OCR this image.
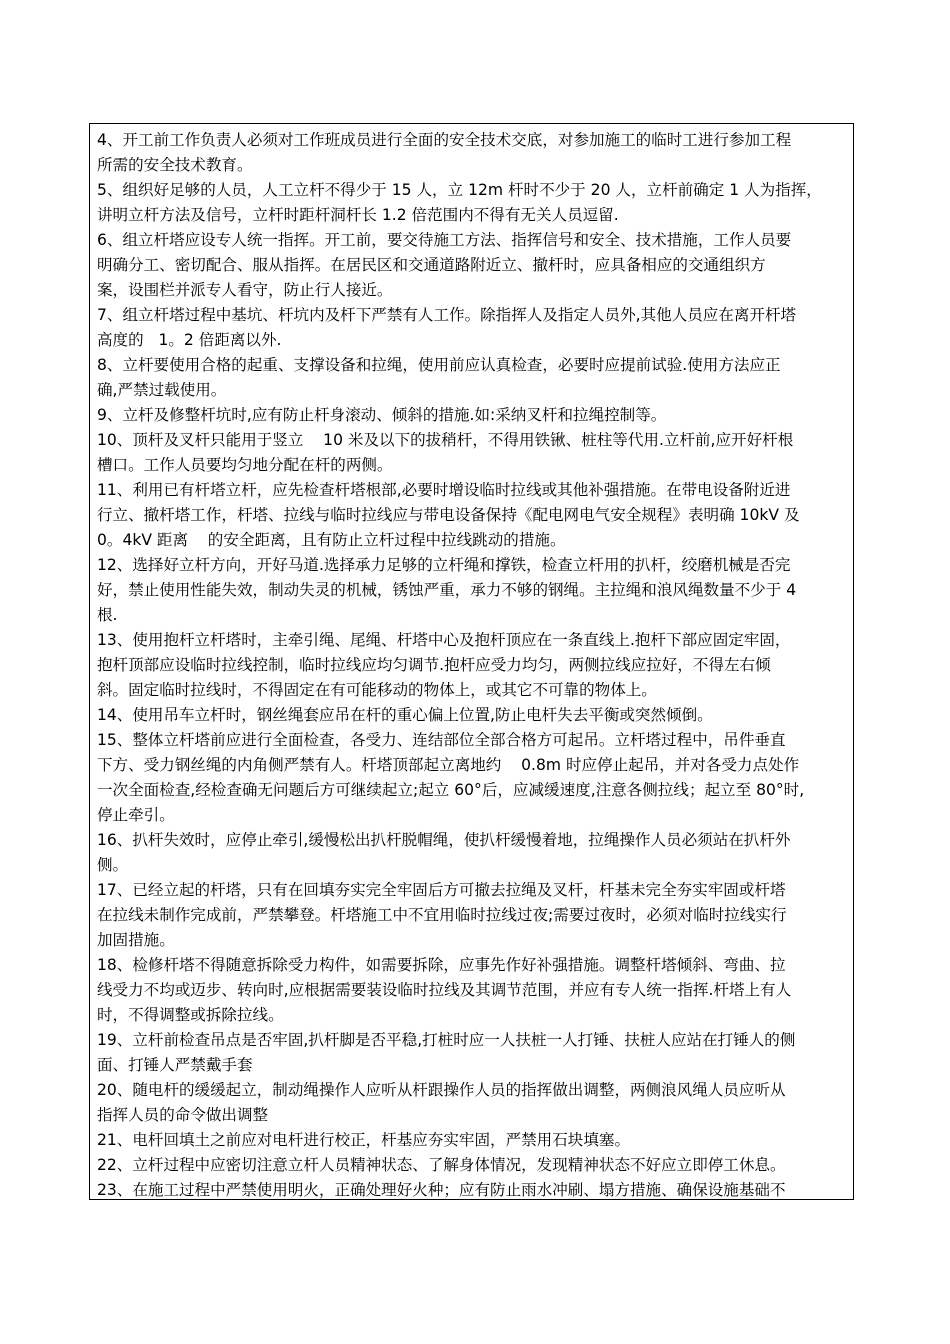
4、开工前工作负责人必须对工作班成员进行全面的安全技术交底，对参加施工的临时工进行参加工程
所需的安全技术教育。
5、组织好足够的人员，人工立杆不得少于 15 人，立 12m 杆时不少于 20 人，立杆前确定 1 人为指挥，
讲明立杆方法及信号，立杆时距杆洞杆长 1.2 倍范围内不得有无关人员逗留.
6、组立杆塔应设专人统一指挥。开工前，要交待施工方法、指挥信号和安全、技术措施，工作人员要
明确分工、密切配合、服从指挥。在居民区和交通道路附近立、撤杆时，应具备相应的交通组织方
案，设围栏并派专人看守，防止行人接近。
7、组立杆塔过程中基坑、杆坑内及杆下严禁有人工作。除指挥人及指定人员外,其他人员应在离开杆塔
高度的   1。2 倍距离以外.
8、立杆要使用合格的起重、支撑设备和拉绳，使用前应认真检查，必要时应提前试验.使用方法应正
确,严禁过载使用。
9、立杆及修整杆坑时,应有防止杆身滚动、倾斜的措施.如:采纳叉杆和拉绳控制等。
10、顶杆及叉杆只能用于竖立    10 米及以下的拔稍杆，不得用铁锹、桩柱等代用.立杆前,应开好杆根
槽口。工作人员要均匀地分配在杆的两侧。
11、利用已有杆塔立杆，应先检查杆塔根部,必要时增设临时拉线或其他补强措施。在带电设备附近进
行立、撤杆塔工作，杆塔、拉线与临时拉线应与带电设备保持《配电网电气安全规程》表明确 10kV 及
0。4kV 距离    的安全距离，且有防止立杆过程中拉线跳动的措施。
12、选择好立杆方向，开好马道.选择承力足够的立杆绳和撑铁，检查立杆用的扒杆，绞磨机械是否完
好，禁止使用性能失效，制动失灵的机械，锈蚀严重，承力不够的钢绳。主拉绳和浪风绳数量不少于 4
根.
13、使用抱杆立杆塔时，主牵引绳、尾绳、杆塔中心及抱杆顶应在一条直线上.抱杆下部应固定牢固，
抱杆顶部应设临时拉线控制，临时拉线应均匀调节.抱杆应受力均匀，两侧拉线应拉好，不得左右倾
斜。固定临时拉线时，不得固定在有可能移动的物体上，或其它不可靠的物体上。
14、使用吊车立杆时，钢丝绳套应吊在杆的重心偏上位置,防止电杆失去平衡或突然倾倒。
15、整体立杆塔前应进行全面检查，各受力、连结部位全部合格方可起吊。立杆塔过程中，吊件垂直
下方、受力钢丝绳的内角侧严禁有人。杆塔顶部起立离地约    0.8m 时应停止起吊，并对各受力点处作
一次全面检查,经检查确无问题后方可继续起立;起立 60°后，应减缓速度,注意各侧拉线；起立至 80°时,
停止牵引。
16、扒杆失效时，应停止牵引,缓慢松出扒杆脱帽绳，使扒杆缓慢着地，拉绳操作人员必须站在扒杆外
侧。
17、已经立起的杆塔，只有在回填夯实完全牢固后方可撤去拉绳及叉杆，杆基未完全夯实牢固或杆塔
在拉线未制作完成前，严禁攀登。杆塔施工中不宜用临时拉线过夜;需要过夜时，必须对临时拉线实行
加固措施。
18、检修杆塔不得随意拆除受力构件，如需要拆除，应事先作好补强措施。调整杆塔倾斜、弯曲、拉
线受力不均或迈步、转向时,应根据需要装设临时拉线及其调节范围，并应有专人统一指挥.杆塔上有人
时，不得调整或拆除拉线。
19、立杆前检查吊点是否牢固,扒杆脚是否平稳,打桩时应一人扶桩一人打锤、扶桩人应站在打锤人的侧
面、打锤人严禁戴手套
20、随电杆的缓缓起立，制动绳操作人应听从杆跟操作人员的指挥做出调整，两侧浪风绳人员应听从
指挥人员的命令做出调整
21、电杆回填土之前应对电杆进行校正，杆基应夯实牢固，严禁用石块填塞。
22、立杆过程中应密切注意立杆人员精神状态、了解身体情况，发现精神状态不好应立即停工休息。
23、在施工过程中严禁使用明火，正确处理好火种；应有防止雨水冲刷、塌方措施、确保设施基础不
